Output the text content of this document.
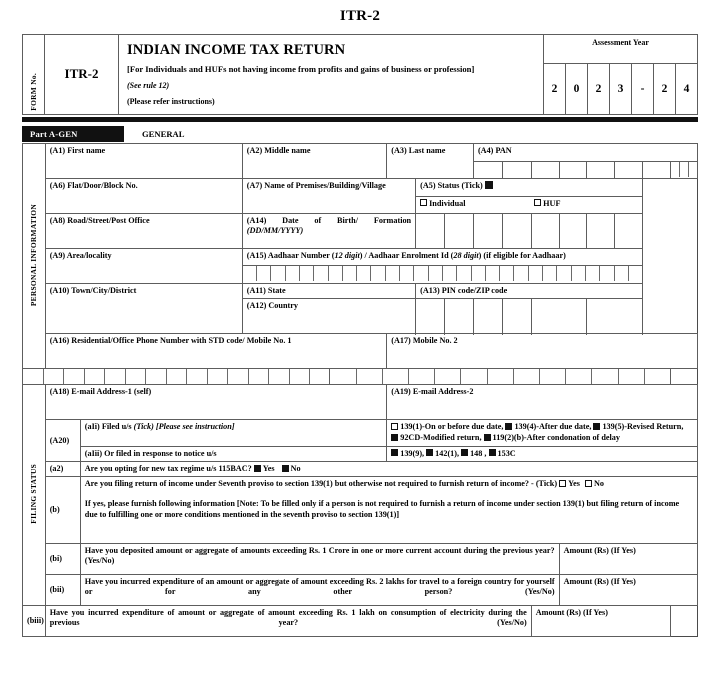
ITR-2
FORM No.	ITR-2	INDIAN INCOME TAX RETURN
[For Individuals and HUFs not having income from profits and gains of business or profession]
(See rule 12)
(Please refer instructions)	Assessment Year						
			2	0	2	3	-	2	4
Part A-GEN	GENERAL
PERSONAL INFORMATION	(A1) First name		(A2) Middle name		(A3) Last name			(A4) PAN							

	(A6) Flat/Door/Block No.		(A7) Name of Premises/Building/Village			(A5) Status (Tick)									
						Individual HUF									
	(A8) Road/Street/Post Office		(A14) Date of Birth/ Formation
(DD/MM/YYYY)												

	(A9) Area/locality		(A15) Aadhaar Number (12 digit) / Aadhaar Enrolment Id (28 digit) (if eligible for Aadhaar)												

	(A10) Town/City/District		(A11) State			(A13) PIN code/ZIP code									
			(A12) Country												

	(A16) Residential/Office Phone Number with STD code/ Mobile No. 1				(A17) Mobile No. 2										

FILING STATUS	(A18) E-mail Address-1 (self)				(A19) E-mail Address-2										
	(A20)	(aIi) Filed u/s (Tick) [Please see instruction]			139(1)-On or before due date, 139(4)-After due date, 139(5)-Revised Return, 92CD-Modified return, 119(2)(b)-After condonation of delay										
		(aIii) Or filed in response to notice u/s			139(9), 142(1), 148 , 153C										
	(a2)	Are you opting for new tax regime u/s 115BAC? Yes No													
	(b)	Are you filing return of income under Seventh proviso to section 139(1) but otherwise not required to furnish return of income? - (Tick) Yes No
If yes, please furnish following information [Note: To be filled only if a person is not required to furnish a return of income under section 139(1) but filing return of income due to fulfilling one or more conditions mentioned in the seventh proviso to section 139(1)]													

	(bi)	Have you deposited amount or aggregate of amounts exceeding Rs. 1 Crore in one or more current account during the previous year? (Yes/No)									Amount (Rs) (If Yes)				
	(bii)	Have you incurred expenditure of an amount or aggregate of amount exceeding Rs. 2 lakhs for travel to a foreign country for yourself or for any other person? (Yes/No)									Amount (Rs) (If Yes)				
(biii)	Have you incurred expenditure of amount or aggregate of amount exceeding Rs. 1 lakh on consumption of electricity during the previous year? (Yes/No)									Amount (Rs) (If Yes)					
